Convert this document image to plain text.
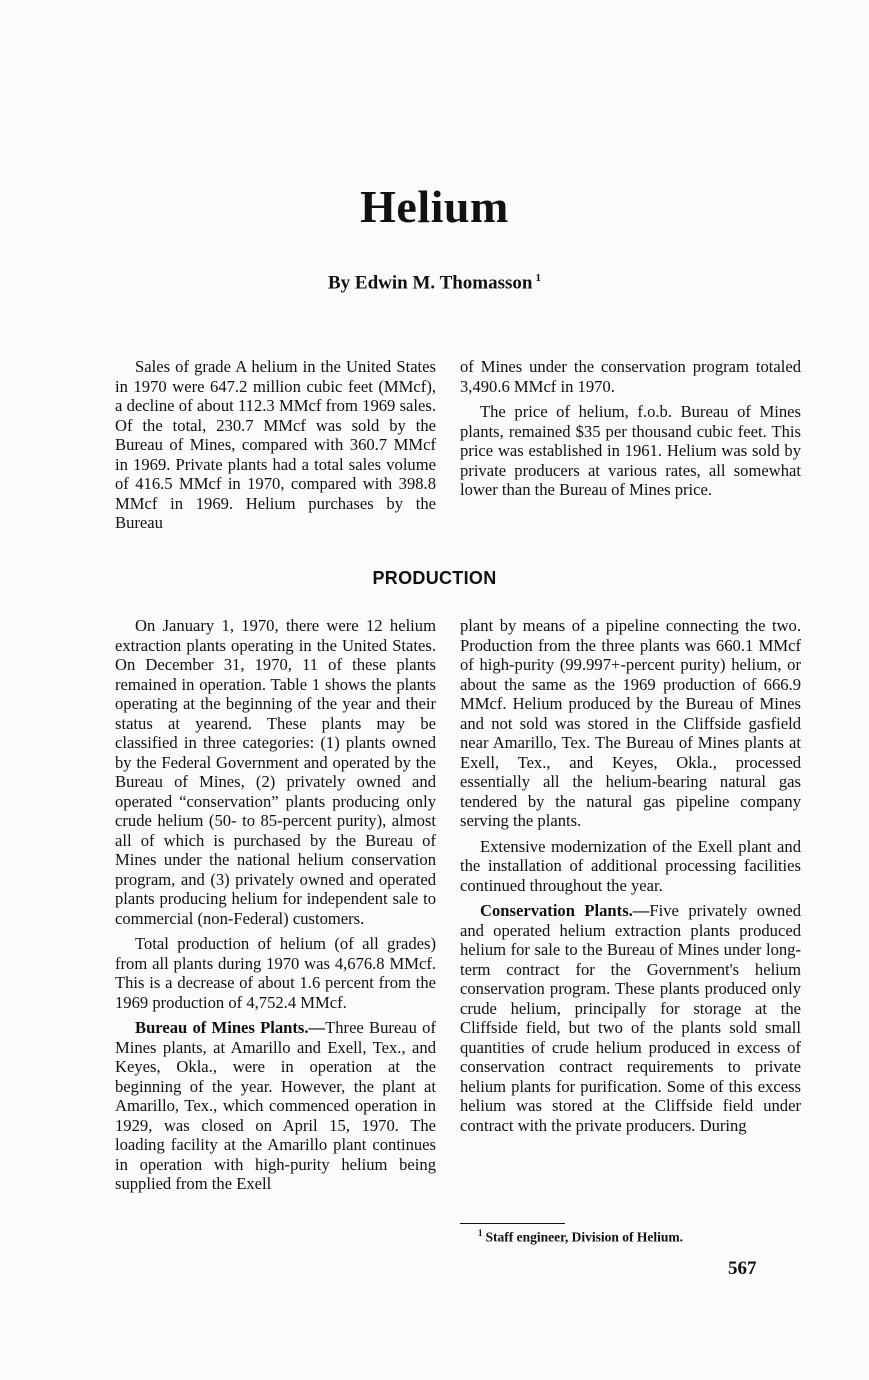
Helium

By Edwin M. Thomasson $^1$

Sales of grade A helium in the United States in 1970 were 647.2 million cubic feet (MMcf), a decline of about 112.3 MMcf from 1969 sales. Of the total, 230.7 MMcf was sold by the Bureau of Mines, compared with 360.7 MMcf in 1969. Private plants had a total sales volume of 416.5 MMcf in 1970, compared with 398.8 MMcf in 1969. Helium purchases by the Bureau

of Mines under the conservation program totaled 3,490.6 MMcf in 1970.

The price of helium, f.o.b. Bureau of Mines plants, remained $35 per thousand cubic feet. This price was established in 1961. Helium was sold by private producers at various rates, all somewhat lower than the Bureau of Mines price.

PRODUCTION

On January 1, 1970, there were 12 helium extraction plants operating in the United States. On December 31, 1970, 11 of these plants remained in operation. Table 1 shows the plants operating at the beginning of the year and their status at yearend. These plants may be classified in three categories: (1) plants owned by the Federal Government and operated by the Bureau of Mines, (2) privately owned and operated “conservation” plants producing only crude helium (50- to 85-percent purity), almost all of which is purchased by the Bureau of Mines under the national helium conservation program, and (3) privately owned and operated plants producing helium for independent sale to commercial (non-Federal) customers.

Total production of helium (of all grades) from all plants during 1970 was 4,676.8 MMcf. This is a decrease of about 1.6 percent from the 1969 production of 4,752.4 MMcf.

Bureau of Mines Plants.—Three Bureau of Mines plants, at Amarillo and Exell, Tex., and Keyes, Okla., were in operation at the beginning of the year. However, the plant at Amarillo, Tex., which commenced operation in 1929, was closed on April 15, 1970. The loading facility at the Amarillo plant continues in operation with high-purity helium being supplied from the Exell

plant by means of a pipeline connecting the two. Production from the three plants was 660.1 MMcf of high-purity (99.997+-percent purity) helium, or about the same as the 1969 production of 666.9 MMcf. Helium produced by the Bureau of Mines and not sold was stored in the Cliffside gasfield near Amarillo, Tex. The Bureau of Mines plants at Exell, Tex., and Keyes, Okla., processed essentially all the helium-bearing natural gas tendered by the natural gas pipeline company serving the plants.

Extensive modernization of the Exell plant and the installation of additional processing facilities continued throughout the year.

Conservation Plants.—Five privately owned and operated helium extraction plants produced helium for sale to the Bureau of Mines under long-term contract for the Government's helium conservation program. These plants produced only crude helium, principally for storage at the Cliffside field, but two of the plants sold small quantities of crude helium produced in excess of conservation contract requirements to private helium plants for purification. Some of this excess helium was stored at the Cliffside field under contract with the private producers. During

$^1$ Staff engineer, Division of Helium.

567
